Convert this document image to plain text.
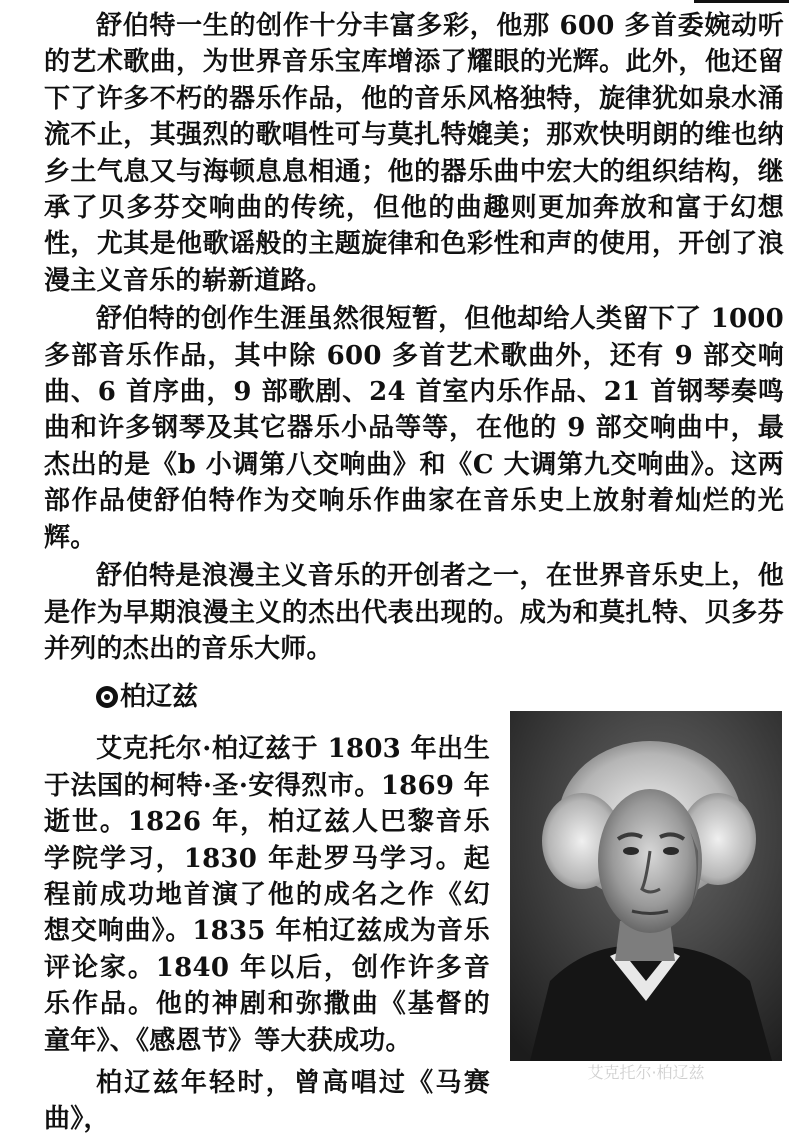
舒伯特一生的创作十分丰富多彩，他那 600 多首委婉动听的艺术歌曲，为世界音乐宝库增添了耀眼的光辉。此外，他还留下了许多不朽的器乐作品，他的音乐风格独特，旋律犹如泉水涌流不止，其强烈的歌唱性可与莫扎特媲美；那欢快明朗的维也纳乡土气息又与海顿息息相通；他的器乐曲中宏大的组织结构，继承了贝多芬交响曲的传统，但他的曲趣则更加奔放和富于幻想性，尤其是他歌谣般的主题旋律和色彩性和声的使用，开创了浪漫主义音乐的崭新道路。

舒伯特的创作生涯虽然很短暂，但他却给人类留下了 1000 多部音乐作品，其中除 600 多首艺术歌曲外，还有 9 部交响曲、6 首序曲，9 部歌剧、24 首室内乐作品、21 首钢琴奏鸣曲和许多钢琴及其它器乐小品等等，在他的 9 部交响曲中，最杰出的是《b 小调第八交响曲》和《C 大调第九交响曲》。这两部作品使舒伯特作为交响乐作曲家在音乐史上放射着灿烂的光辉。

舒伯特是浪漫主义音乐的开创者之一，在世界音乐史上，他是作为早期浪漫主义的杰出代表出现的。成为和莫扎特、贝多芬并列的杰出的音乐大师。

柏辽兹

艾克托尔·柏辽兹于 1803 年出生于法国的柯特·圣·安得烈市。1869 年逝世。1826 年，柏辽兹人巴黎音乐学院学习，1830 年赴罗马学习。起程前成功地首演了他的成名之作《幻想交响曲》。1835 年柏辽兹成为音乐评论家。1840 年以后，创作许多音乐作品。他的神剧和弥撒曲《基督的童年》、《感恩节》等大获成功。

柏辽兹年轻时，曾高唱过《马赛曲》，

艾克托尔·柏辽兹
